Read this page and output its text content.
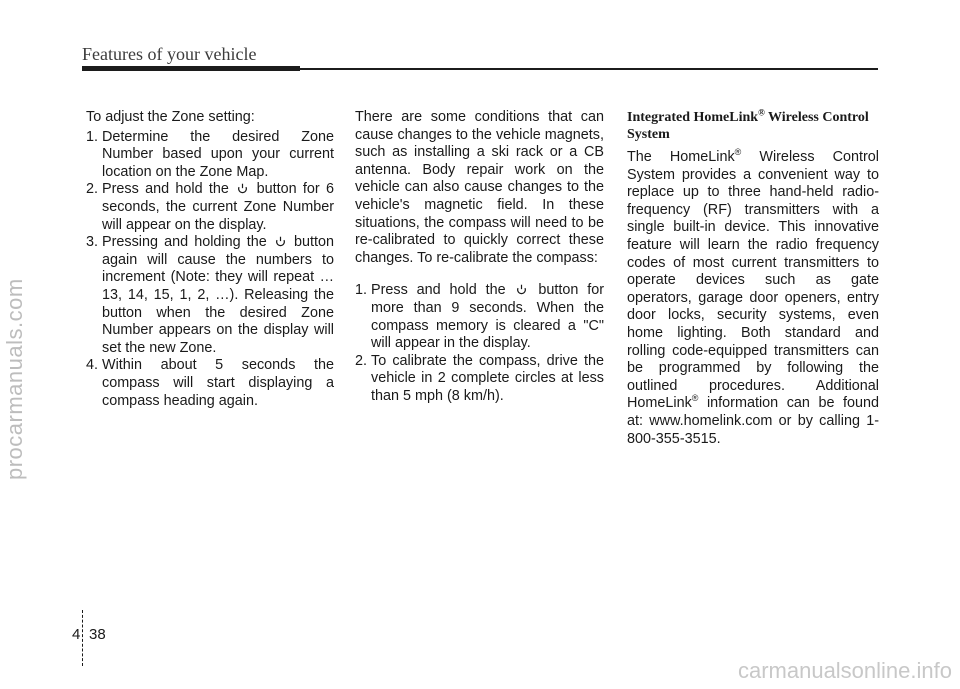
Features of your vehicle
procarmanuals.com

To adjust the Zone setting:

1. Determine the desired Zone Number based upon your current location on the Zone Map.
2. Press and hold the button for 6 seconds, the current Zone Number will appear on the display.
3. Pressing and holding the button again will cause the numbers to increment (Note: they will repeat …13, 14, 15, 1, 2, …). Releasing the button when the desired Zone Number appears on the display will set the new Zone.
4. Within about 5 seconds the compass will start displaying a compass heading again.

There are some conditions that can cause changes to the vehicle magnets, such as installing a ski rack or a CB antenna. Body repair work on the vehicle can also cause changes to the vehicle's magnetic field. In these situations, the compass will need to be re-calibrated to quickly correct these changes. To re-calibrate the compass:

1. Press and hold the button for more than 9 seconds. When the compass memory is cleared a "C" will appear in the display.
2. To calibrate the compass, drive the vehicle in 2 complete circles at less than 5 mph (8 km/h).

Integrated HomeLink® Wireless Control System

The HomeLink® Wireless Control System provides a convenient way to replace up to three hand-held radio-frequency (RF) transmitters with a single built-in device. This innovative feature will learn the radio frequency codes of most current transmitters to operate devices such as gate operators, garage door openers, entry door locks, security systems, even home lighting. Both standard and rolling code-equipped transmitters can be programmed by following the outlined procedures. Additional HomeLink® information can be found at: www.homelink.com or by calling 1-800-355-3515.

4 38
carmanualsonline.info
